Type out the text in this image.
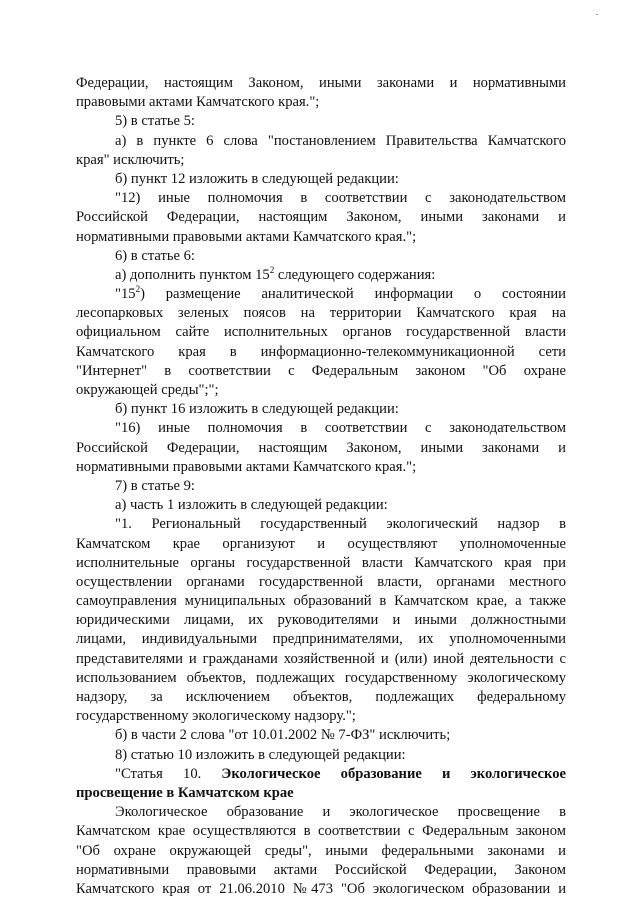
Федерации, настоящим Законом, иными законами и нормативными
правовыми актами Камчатского края.";
5) в статье 5:
а) в пункте 6 слова "постановлением Правительства Камчатского
края" исключить;
б) пункт 12 изложить в следующей редакции:
"12) иные полномочия в соответствии с законодательством
Российской Федерации, настоящим Законом, иными законами и
нормативными правовыми актами Камчатского края.";
6) в статье 6:
а) дополнить пунктом $15^2$ следующего содержания:
"$15^2$) размещение аналитической информации о состоянии
лесопарковых зеленых поясов на территории Камчатского края на
официальном сайте исполнительных органов государственной власти
Камчатского края в информационно-телекоммуникационной сети
"Интернет" в соответствии с Федеральным законом "Об охране
окружающей среды";";
б) пункт 16 изложить в следующей редакции:
"16) иные полномочия в соответствии с законодательством
Российской Федерации, настоящим Законом, иными законами и
нормативными правовыми актами Камчатского края.";
7) в статье 9:
а) часть 1 изложить в следующей редакции:
"1. Региональный государственный экологический надзор в
Камчатском крае организуют и осуществляют уполномоченные
исполнительные органы государственной власти Камчатского края при
осуществлении органами государственной власти, органами местного
самоуправления муниципальных образований в Камчатском крае, а также
юридическими лицами, их руководителями и иными должностными
лицами, индивидуальными предпринимателями, их уполномоченными
представителями и гражданами хозяйственной и (или) иной деятельности с
использованием объектов, подлежащих государственному экологическому
надзору, за исключением объектов, подлежащих федеральному
государственному экологическому надзору.";
б) в части 2 слова "от 10.01.2002 № 7-ФЗ" исключить;
8) статью 10 изложить в следующей редакции:
"Статья 10. Экологическое образование и экологическое
просвещение в Камчатском крае
Экологическое образование и экологическое просвещение в
Камчатском крае осуществляются в соответствии с Федеральным законом
"Об охране окружающей среды", иными федеральными законами и
нормативными правовыми актами Российской Федерации, Законом
Камчатского края от 21.06.2010 №473 "Об экологическом образовании и
